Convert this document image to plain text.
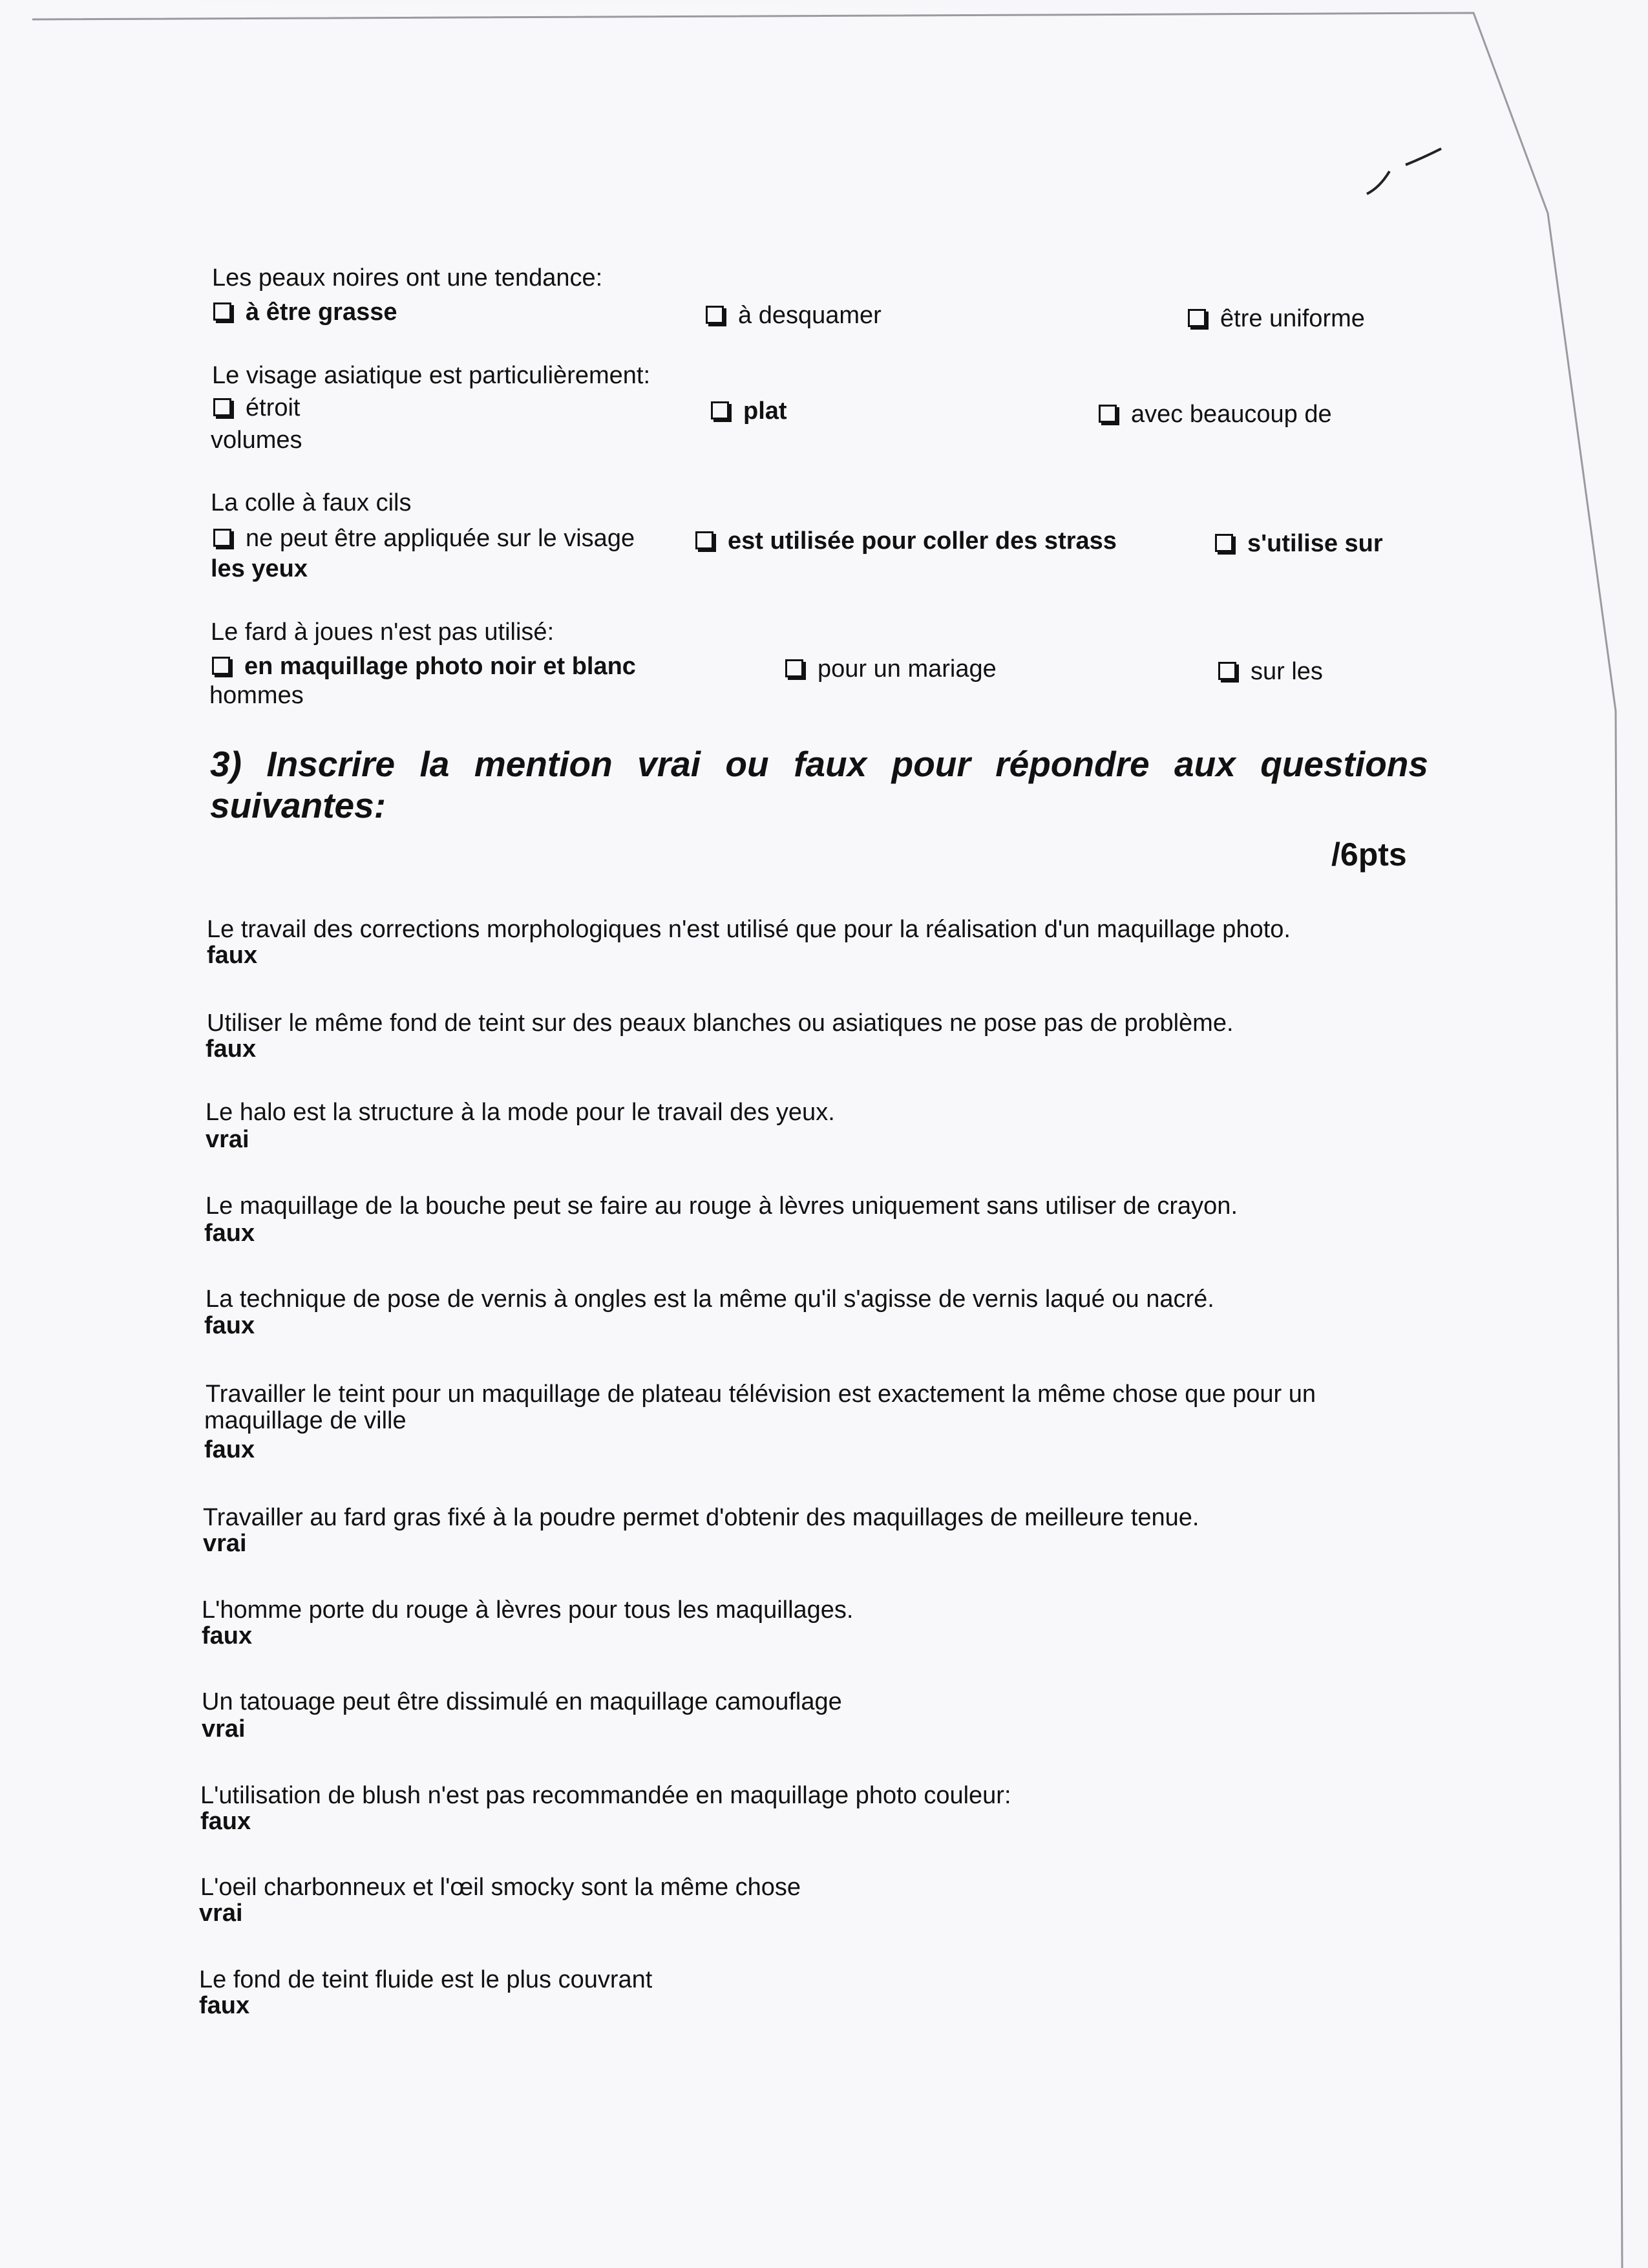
Les peaux noires ont une tendance:
à être grasse	à desquamer	être uniforme
Le visage asiatique est particulièrement:
étroit	plat	avec beaucoup de
volumes
La colle à faux cils
ne peut être appliquée sur le visage	est utilisée pour coller des strass	s'utilise sur
les yeux
Le fard à joues n'est pas utilisé:
en maquillage photo noir et blanc	pour un mariage	sur les
hommes
3) Inscrire la mention vrai ou faux pour répondre aux questions suivantes:
/6pts
Le travail des corrections morphologiques n'est utilisé que pour la réalisation d'un maquillage photo.
faux
Utiliser le même fond de teint sur des peaux blanches ou asiatiques ne pose pas de problème.
faux
Le halo est la structure à la mode pour le travail des yeux.
vrai
Le maquillage de la bouche peut se faire au rouge à lèvres uniquement sans utiliser de crayon.
faux
La technique de pose de vernis à ongles est la même qu'il s'agisse de vernis laqué ou nacré.
faux
Travailler le teint pour un maquillage de plateau télévision est exactement la même chose que pour un
maquillage de ville
faux
Travailler au fard gras fixé à la poudre permet d'obtenir des maquillages de meilleure tenue.
vrai
L'homme porte du rouge à lèvres pour tous les maquillages.
faux
Un tatouage peut être dissimulé en maquillage camouflage
vrai
L'utilisation de blush n'est pas recommandée en maquillage photo couleur:
faux
L'oeil charbonneux et l'œil smocky sont la même chose
vrai
Le fond de teint fluide est le plus couvrant
faux
